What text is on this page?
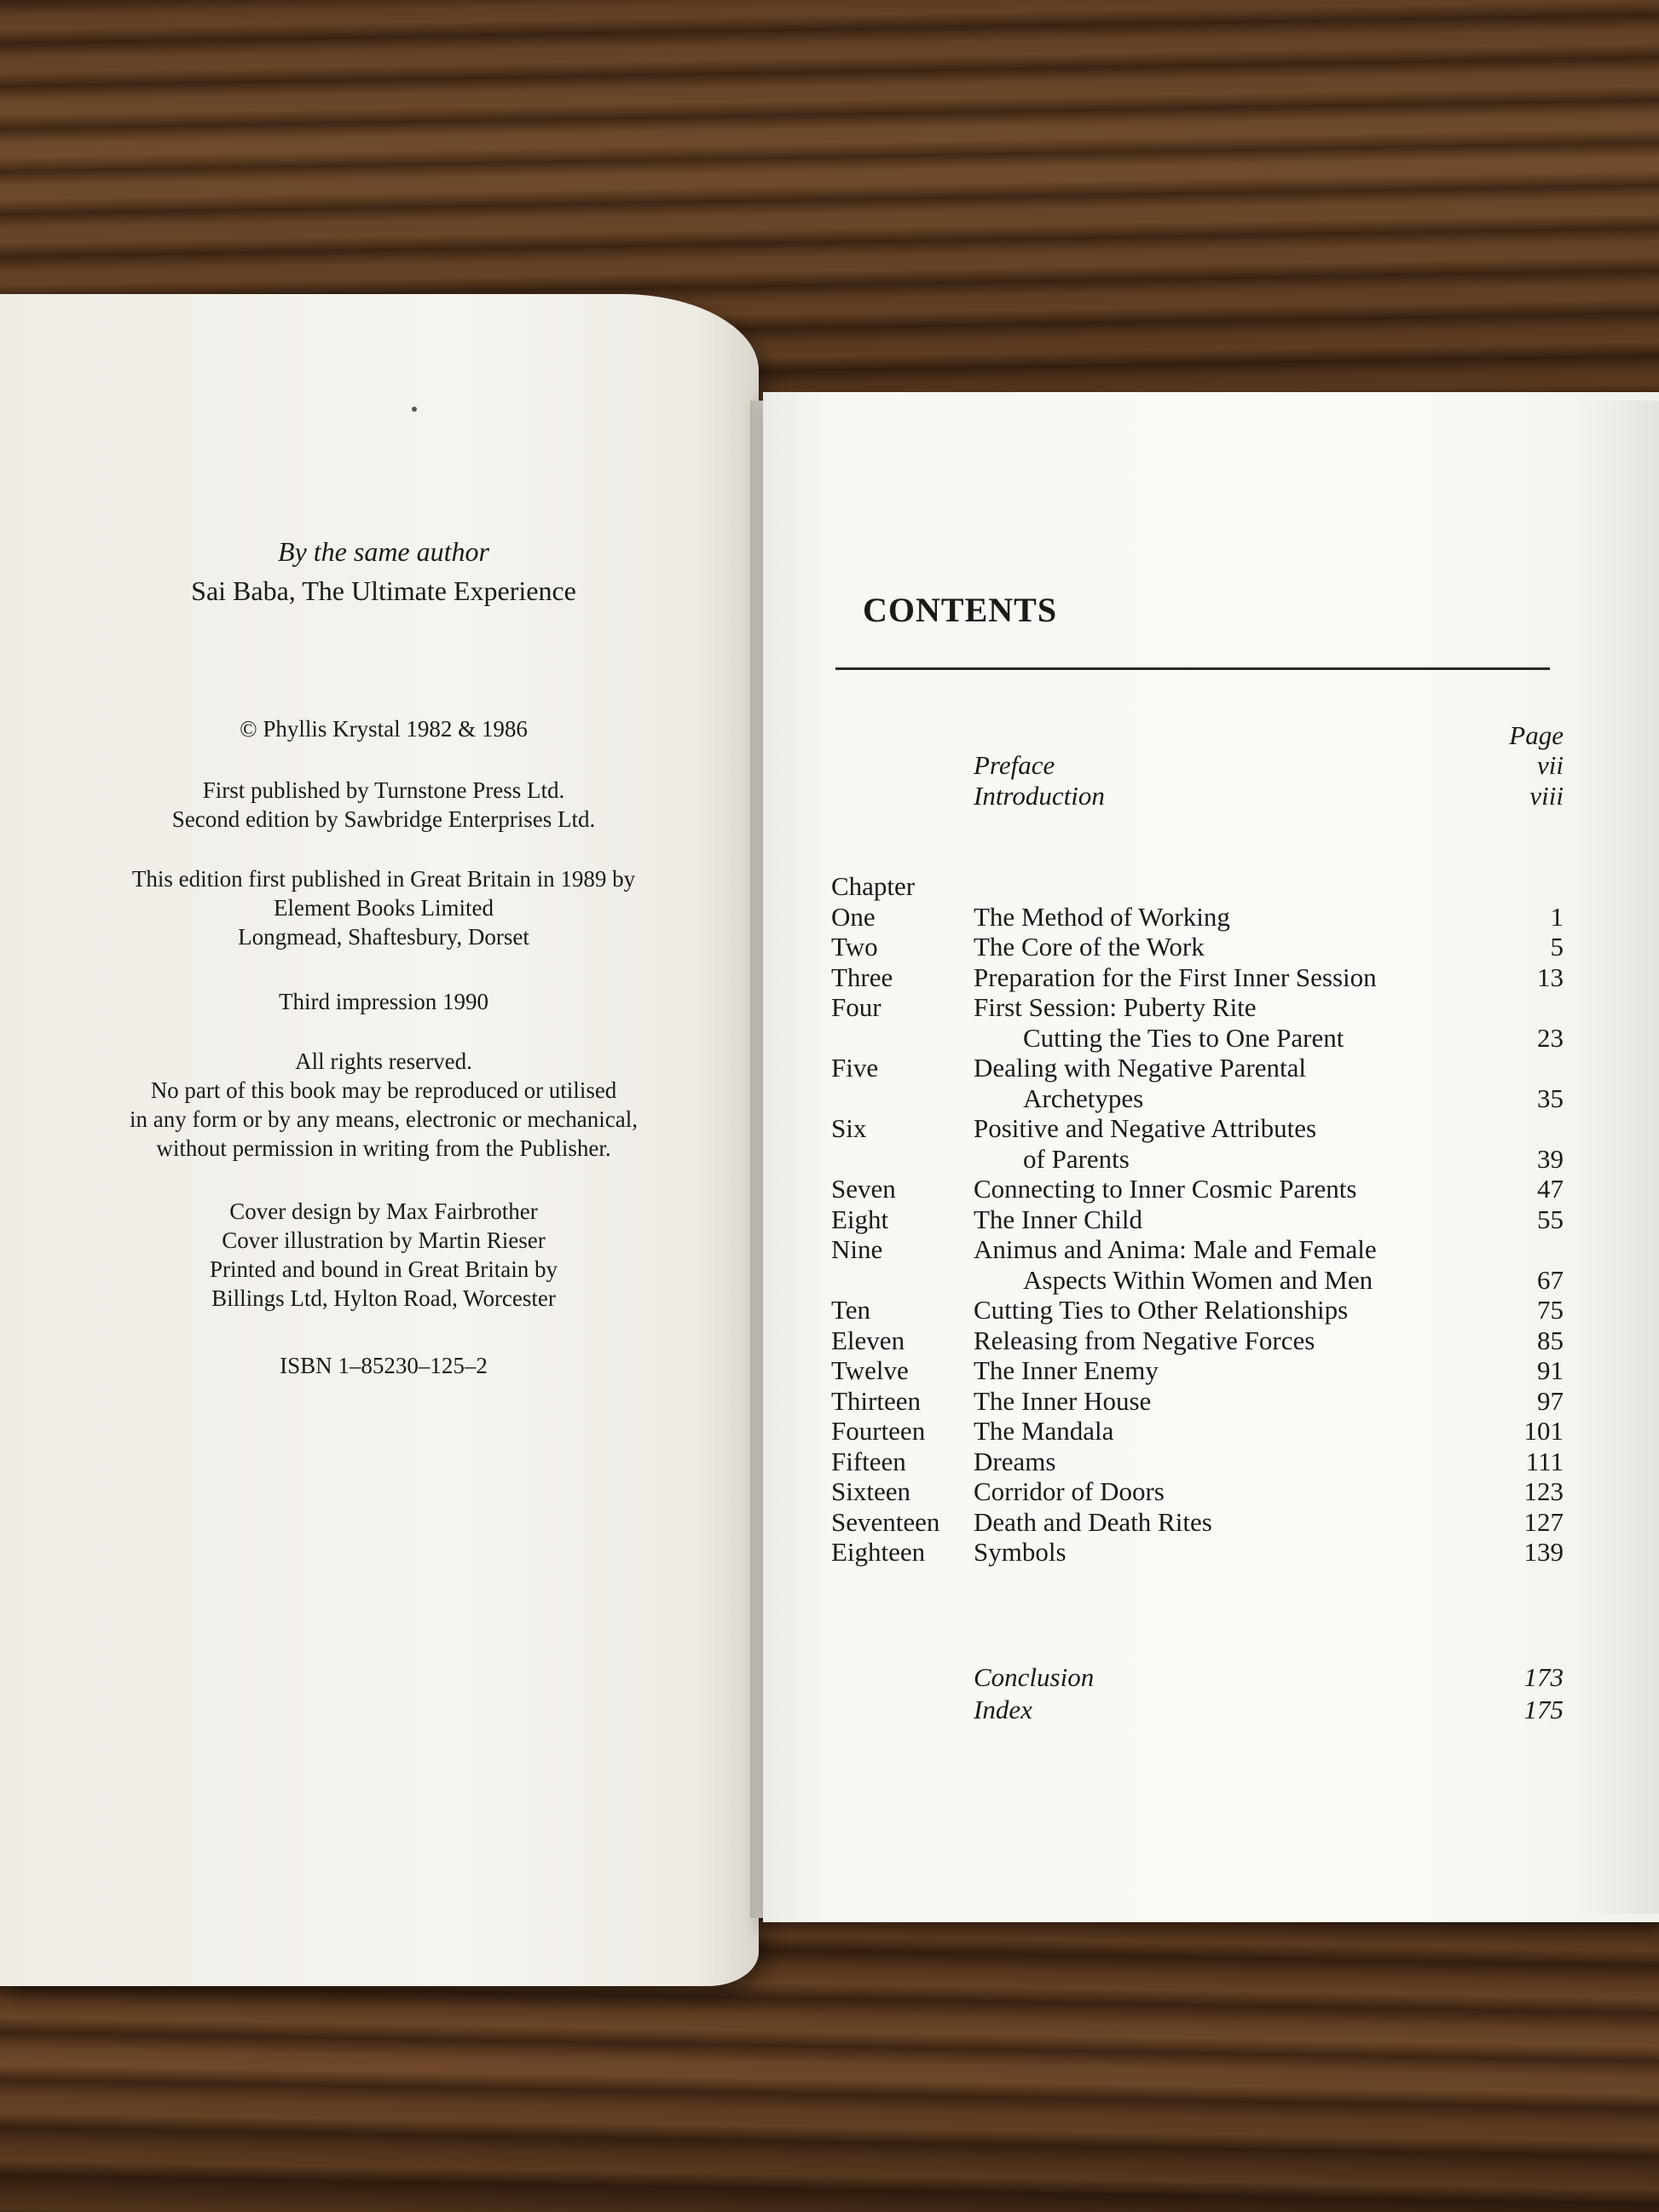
By the same author
Sai Baba, The Ultimate Experience
© Phyllis Krystal 1982 & 1986
First published by Turnstone Press Ltd.
Second edition by Sawbridge Enterprises Ltd.
This edition first published in Great Britain in 1989 by
Element Books Limited
Longmead, Shaftesbury, Dorset
Third impression 1990
All rights reserved.
No part of this book may be reproduced or utilised
in any form or by any means, electronic or mechanical,
without permission in writing from the Publisher.
Cover design by Max Fairbrother
Cover illustration by Martin Rieser
Printed and bound in Great Britain by
Billings Ltd, Hylton Road, Worcester
ISBN 1–85230–125–2
CONTENTS
Page
Preface	vii
Introduction	viii
Chapter
One	The Method of Working	1
Two	The Core of the Work	5
Three	Preparation for the First Inner Session	13
Four	First Session: Puberty Rite
Cutting the Ties to One Parent	23
Five	Dealing with Negative Parental
Archetypes	35
Six	Positive and Negative Attributes
of Parents	39
Seven	Connecting to Inner Cosmic Parents	47
Eight	The Inner Child	55
Nine	Animus and Anima: Male and Female
Aspects Within Women and Men	67
Ten	Cutting Ties to Other Relationships	75
Eleven	Releasing from Negative Forces	85
Twelve	The Inner Enemy	91
Thirteen	The Inner House	97
Fourteen	The Mandala	101
Fifteen	Dreams	111
Sixteen	Corridor of Doors	123
Seventeen	Death and Death Rites	127
Eighteen	Symbols	139
Conclusion	173
Index	175
